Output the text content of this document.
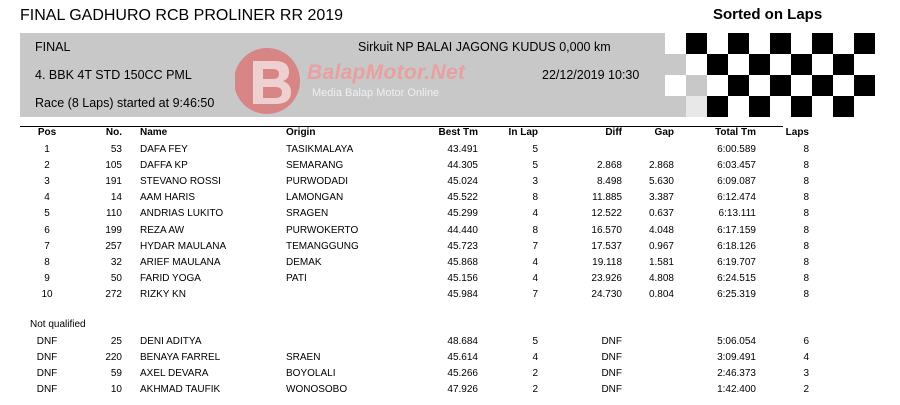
FINAL GADHURO RCB PROLINER RR 2019	Sorted on Laps
BalapMotor.Net
Media Balap Motor Online
FINAL	Sirkuit NP BALAI JAGONG KUDUS 0,000 km
4. BBK 4T STD 150CC PML	22/12/2019 10:30
Race (8 Laps) started at 9:46:50
Pos	No.	Name	Origin	Best Tm	In Lap	Diff	Gap	Total Tm	Laps
1	53	DAFA FEY	TASIKMALAYA	43.491	5			6:00.589	8
2	105	DAFFA KP	SEMARANG	44.305	5	2.868	2.868	6:03.457	8
3	191	STEVANO ROSSI	PURWODADI	45.024	3	8.498	5.630	6:09.087	8
4	14	AAM HARIS	LAMONGAN	45.522	8	11.885	3.387	6:12.474	8
5	110	ANDRIAS LUKITO	SRAGEN	45.299	4	12.522	0.637	6:13.111	8
6	199	REZA AW	PURWOKERTO	44.440	8	16.570	4.048	6:17.159	8
7	257	HYDAR MAULANA	TEMANGGUNG	45.723	7	17.537	0.967	6:18.126	8
8	32	ARIEF MAULANA	DEMAK	45.868	4	19.118	1.581	6:19.707	8
9	50	FARID YOGA	PATI	45.156	4	23.926	4.808	6:24.515	8
10	272	RIZKY KN		45.984	7	24.730	0.804	6:25.319	8

Not qualified									
DNF	25	DENI ADITYA		48.684	5	DNF		5:06.054	6
DNF	220	BENAYA FARREL	SRAEN	45.614	4	DNF		3:09.491	4
DNF	59	AXEL DEVARA	BOYOLALI	45.266	2	DNF		2:46.373	3
DNF	10	AKHMAD TAUFIK	WONOSOBO	47.926	2	DNF		1:42.400	2
